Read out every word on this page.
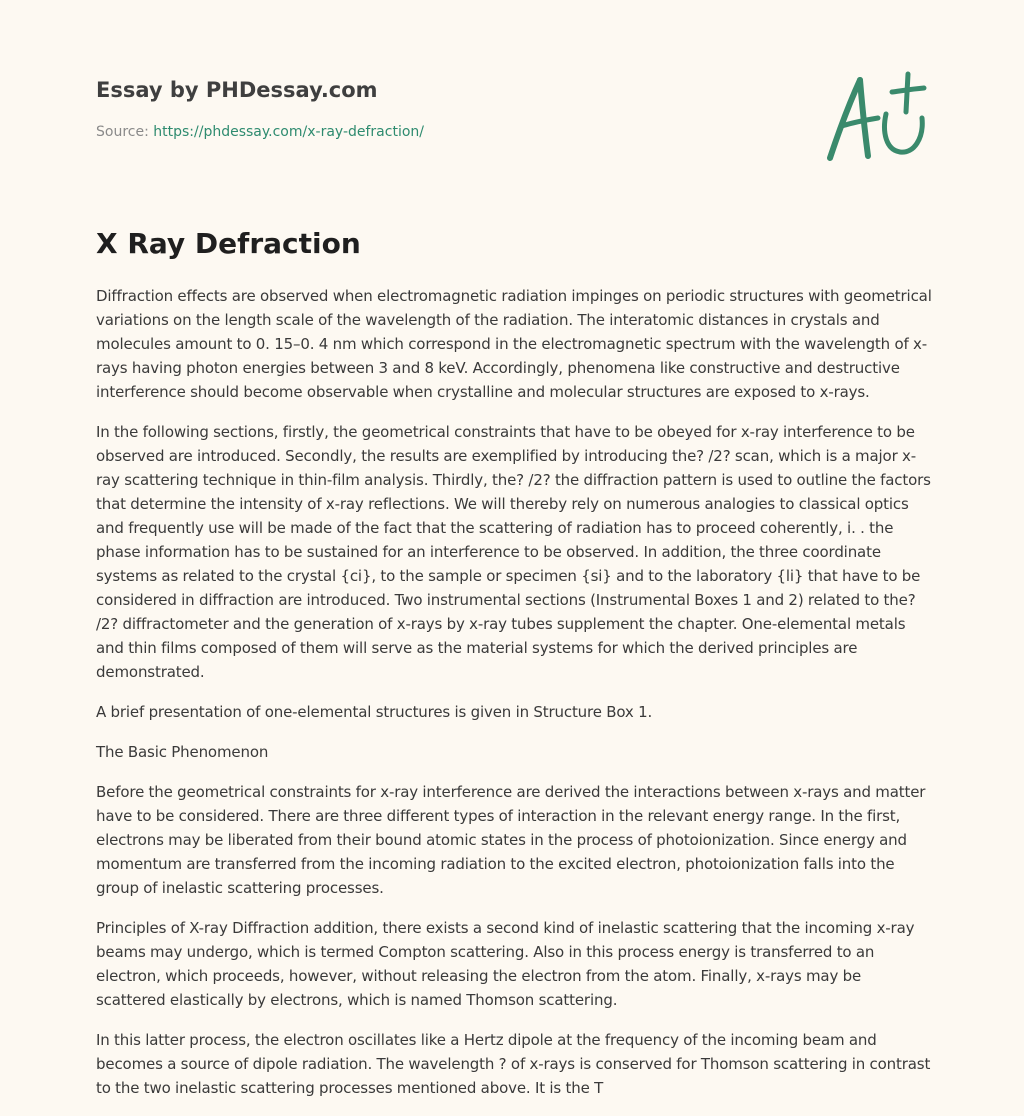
Essay by PHDessay.com
Source: https://phdessay.com/x-ray-defraction/
X Ray Defraction

Diffraction effects are observed when electromagnetic radiation impinges on periodic structures with geometrical variations on the length scale of the wavelength of the radiation. The interatomic distances in crystals and molecules amount to 0. 15–0. 4 nm which correspond in the electromagnetic spectrum with the wavelength of x-rays having photon energies between 3 and 8 keV. Accordingly, phenomena like constructive and destructive interference should become observable when crystalline and molecular structures are exposed to x-rays.

In the following sections, firstly, the geometrical constraints that have to be obeyed for x-ray interference to be observed are introduced. Secondly, the results are exemplified by introducing the? /2? scan, which is a major x-ray scattering technique in thin-film analysis. Thirdly, the? /2? the diffraction pattern is used to outline the factors that determine the intensity of x-ray reflections. We will thereby rely on numerous analogies to classical optics and frequently use will be made of the fact that the scattering of radiation has to proceed coherently, i. . the phase information has to be sustained for an interference to be observed. In addition, the three coordinate systems as related to the crystal {ci}, to the sample or specimen {si} and to the laboratory {li} that have to be considered in diffraction are introduced. Two instrumental sections (Instrumental Boxes 1 and 2) related to the? /2? diffractometer and the generation of x-rays by x-ray tubes supplement the chapter. One-elemental metals and thin films composed of them will serve as the material systems for which the derived principles are demonstrated.

A brief presentation of one-elemental structures is given in Structure Box 1.

The Basic Phenomenon

Before the geometrical constraints for x-ray interference are derived the interactions between x-rays and matter have to be considered. There are three different types of interaction in the relevant energy range. In the first, electrons may be liberated from their bound atomic states in the process of photoionization. Since energy and momentum are transferred from the incoming radiation to the excited electron, photoionization falls into the group of inelastic scattering processes.

Principles of X-ray Diffraction addition, there exists a second kind of inelastic scattering that the incoming x-ray beams may undergo, which is termed Compton scattering. Also in this process energy is transferred to an electron, which proceeds, however, without releasing the electron from the atom. Finally, x-rays may be scattered elastically by electrons, which is named Thomson scattering.

In this latter process, the electron oscillates like a Hertz dipole at the frequency of the incoming beam and becomes a source of dipole radiation. The wavelength ? of x-rays is conserved for Thomson scattering in contrast to the two inelastic scattering processes mentioned above. It is the T
